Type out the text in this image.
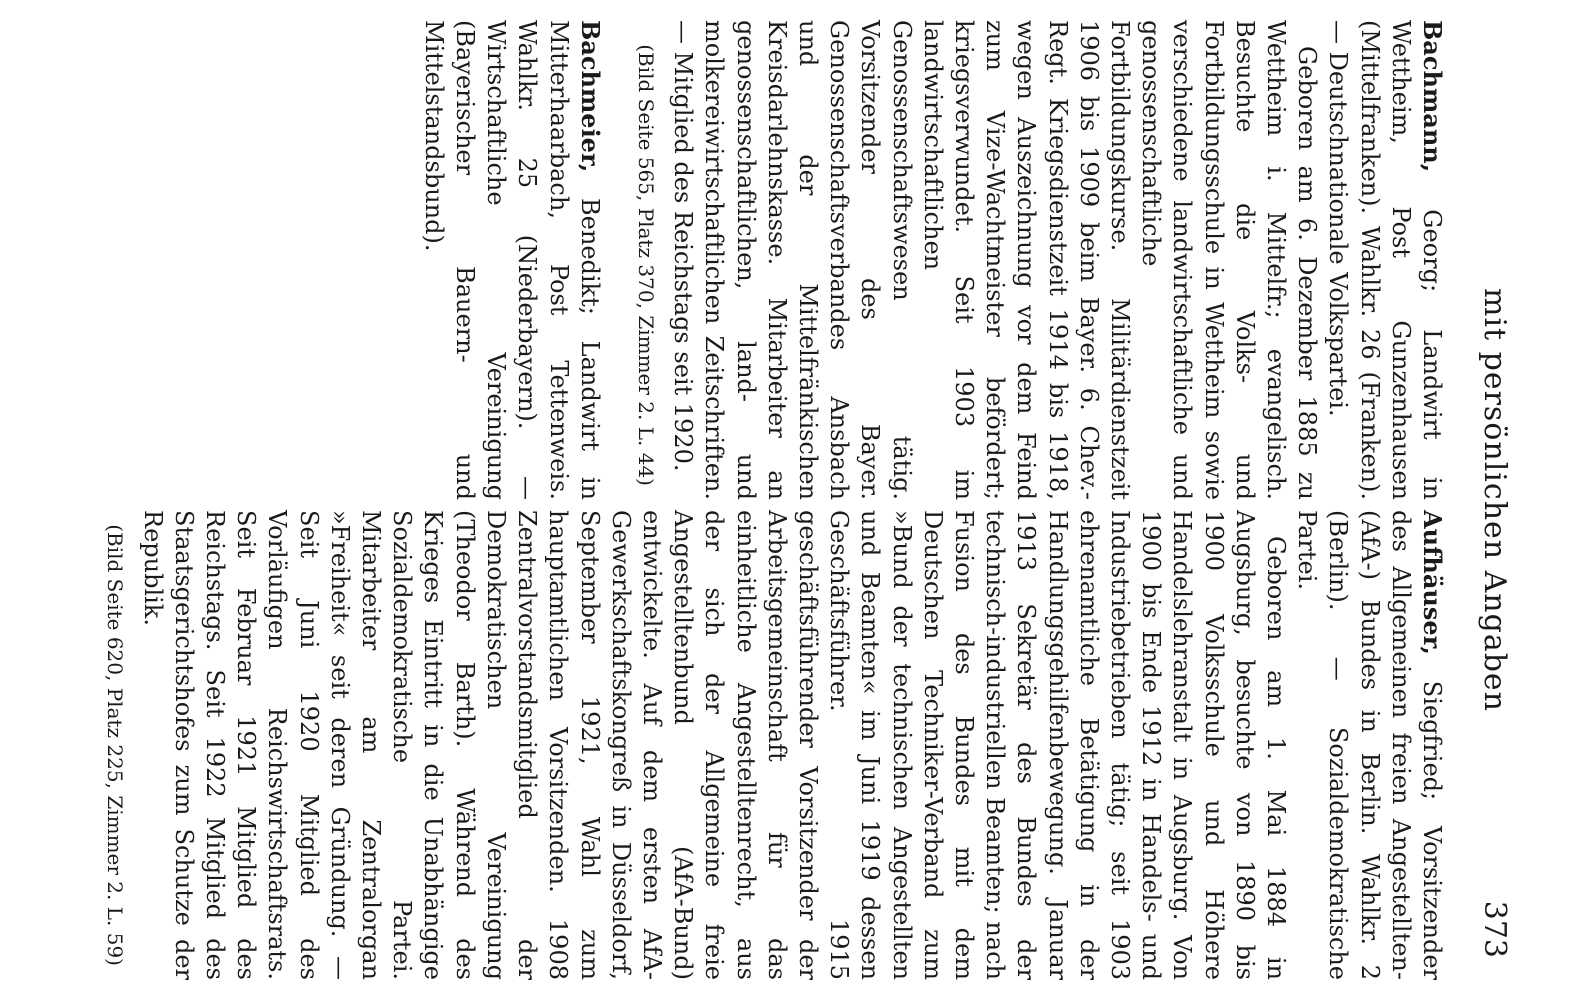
mit persönlichen Angaben
373
Aufhäuser, Siegfried; Vorsitzender des Allgemeinen freien Angestellten- (AfA-) Bundes in Berlin. Wahlkr. 2 (Berlin). — Sozialdemokratische Partei.
Geboren am 1. Mai 1884 in Augsburg, besuchte von 1890 bis 1900 Volksschule und Höhere Handelslehranstalt in Augsburg. Von 1900 bis Ende 1912 in Handels- und Industriebetrieben tätig; seit 1903 ehrenamtliche Betätigung in der Handlungsgehilfenbewegung. Januar 1913 Sekretär des Bundes der technisch-industriellen Beamten; nach Fusion des Bundes mit dem Deutschen Techniker-Verband zum »Bund der technischen Angestellten und Beamten« im Juni 1919 dessen Geschäftsführer. 1915 geschäftsführender Vorsitzender der Arbeitsgemeinschaft für das einheitliche Angestelltenrecht, aus der sich der Allgemeine freie Angestelltenbund (AfA-Bund) entwickelte. Auf dem ersten AfA-Gewerkschaftskongreß in Düsseldorf, September 1921, Wahl zum hauptamtlichen Vorsitzenden. 1908 Zentralvorstandsmitglied der Demokratischen Vereinigung (Theodor Barth). Während des Krieges Eintritt in die Unabhängige Sozialdemokratische Partei. Mitarbeiter am Zentralorgan »Freiheit« seit deren Gründung. — Seit Juni 1920 Mitglied des Vorläufigen Reichswirtschaftsrats. Seit Februar 1921 Mitglied des Reichstags. Seit 1922 Mitglied des Staatsgerichtshofes zum Schutze der Republik.
(Bild Seite 620, Platz 225, Zimmer 2. L. 59)
Bachmann, Georg; Landwirt in Wettheim, Post Gunzenhausen (Mittelfranken). Wahlkr. 26 (Franken). — Deutschnationale Volkspartei.
Geboren am 6. Dezember 1885 zu Wettheim i. Mittelfr.; evangelisch. Besuchte die Volks- und Fortbildungsschule in Wettheim sowie verschiedene landwirtschaftliche und genossenschaftliche Fortbildungskurse. Militärdienstzeit 1906 bis 1909 beim Bayer. 6. Chev.-Regt. Kriegsdienstzeit 1914 bis 1918, wegen Auszeichnung vor dem Feind zum Vize-Wachtmeister befördert; kriegsverwundet. Seit 1903 im landwirtschaftlichen Genossenschaftswesen tätig. Vorsitzender des Bayer. Genossenschaftsverbandes Ansbach und der Mittelfränkischen Kreisdarlehnskasse. Mitarbeiter an genossenschaftlichen, land- und molkereiwirtschaftlichen Zeitschriften. — Mitglied des Reichstags seit 1920.
(Bild Seite 565, Platz 370, Zimmer 2. L. 44)
Bachmeier, Benedikt; Landwirt in Mitterhaarbach, Post Tettenweis. Wahlkr. 25 (Niederbayern). — Wirtschaftliche Vereinigung (Bayerischer Bauern- und Mittelstandsbund).
